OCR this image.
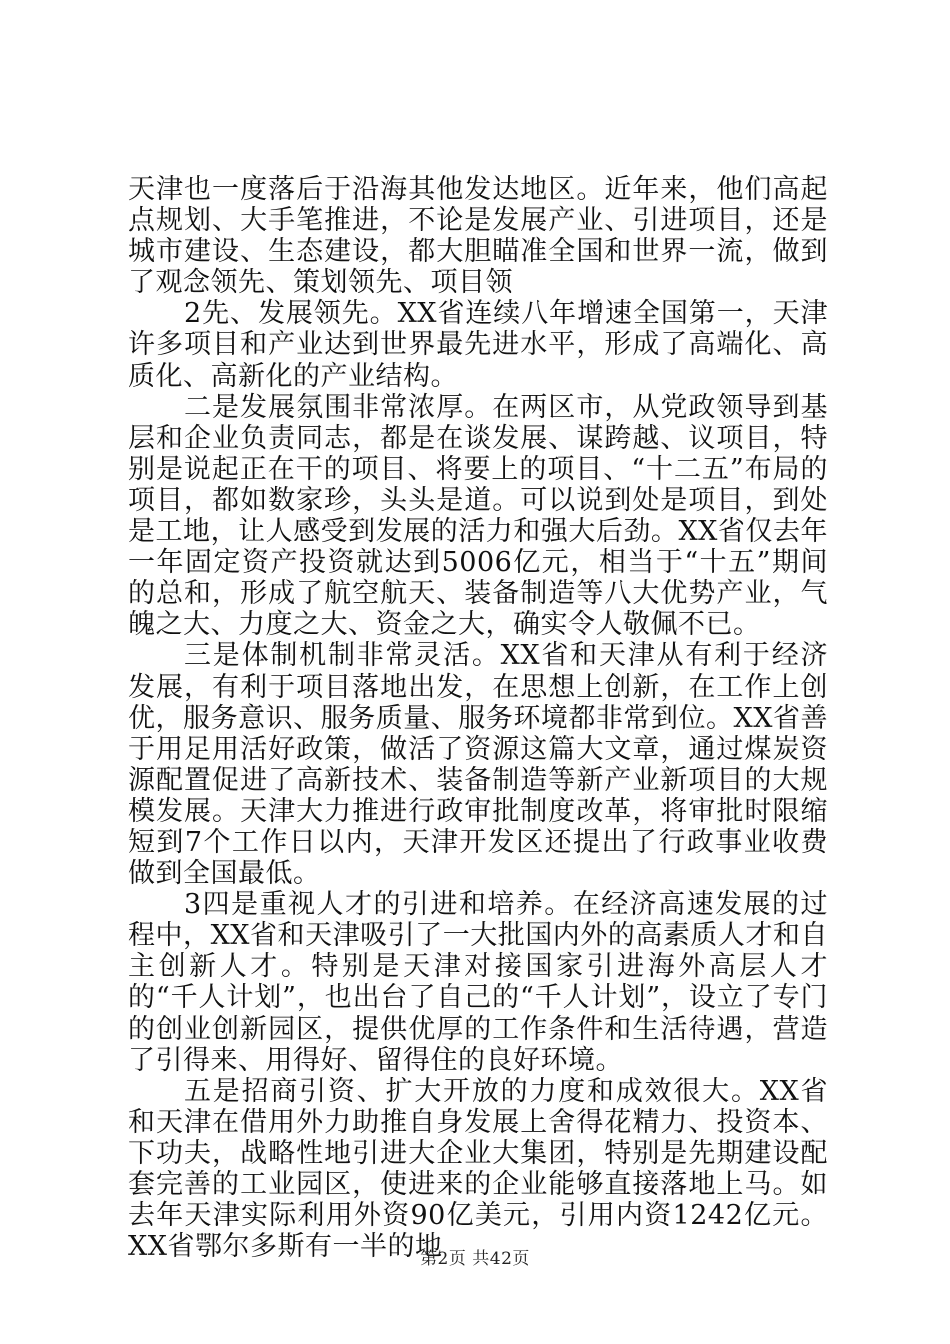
天津也一度落后于沿海其他发达地区。近年来，他们高起点规划、大手笔推进，不论是发展产业、引进项目，还是城市建设、生态建设，都大胆瞄准全国和世界一流，做到了观念领先、策划领先、项目领

2先、发展领先。XX省连续八年增速全国第一，天津许多项目和产业达到世界最先进水平，形成了高端化、高质化、高新化的产业结构。

二是发展氛围非常浓厚。在两区市，从党政领导到基层和企业负责同志，都是在谈发展、谋跨越、议项目，特别是说起正在干的项目、将要上的项目、“十二五”布局的项目，都如数家珍，头头是道。可以说到处是项目，到处是工地，让人感受到发展的活力和强大后劲。XX省仅去年一年固定资产投资就达到5006亿元，相当于“十五”期间的总和，形成了航空航天、装备制造等八大优势产业，气魄之大、力度之大、资金之大，确实令人敬佩不已。

三是体制机制非常灵活。XX省和天津从有利于经济发展，有利于项目落地出发，在思想上创新，在工作上创优，服务意识、服务质量、服务环境都非常到位。XX省善于用足用活好政策，做活了资源这篇大文章，通过煤炭资源配置促进了高新技术、装备制造等新产业新项目的大规模发展。天津大力推进行政审批制度改革，将审批时限缩短到7个工作日以内，天津开发区还提出了行政事业收费做到全国最低。

3四是重视人才的引进和培养。在经济高速发展的过程中，XX省和天津吸引了一大批国内外的高素质人才和自主创新人才。特别是天津对接国家引进海外高层人才的“千人计划”，也出台了自己的“千人计划”，设立了专门的创业创新园区，提供优厚的工作条件和生活待遇，营造了引得来、用得好、留得住的良好环境。

五是招商引资、扩大开放的力度和成效很大。XX省和天津在借用外力助推自身发展上舍得花精力、投资本、下功夫，战略性地引进大企业大集团，特别是先期建设配套完善的工业园区，使进来的企业能够直接落地上马。如去年天津实际利用外资90亿美元，引用内资1242亿元。XX省鄂尔多斯有一半的地

第2页 共42页
